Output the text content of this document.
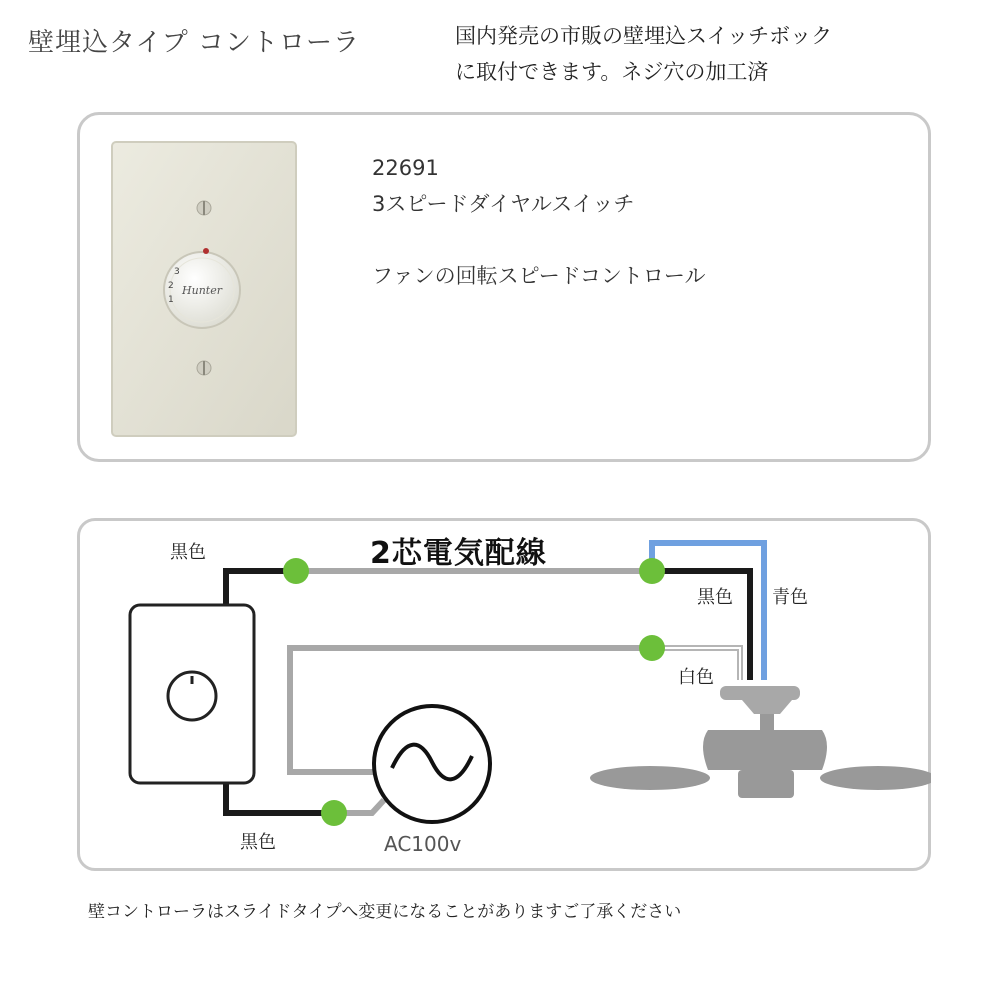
壁埋込タイプ コントローラ	国内発売の市販の壁埋込スイッチボック
に取付できます。ネジ穴の加工済
Hunter
3
2
1
22691
3スピードダイヤルスイッチ
ファンの回転スピードコントロール
2芯電気配線
黒色
黒色 青色
白色
黒色	AC100v
壁コントローラはスライドタイプへ変更になることがありますご了承ください
